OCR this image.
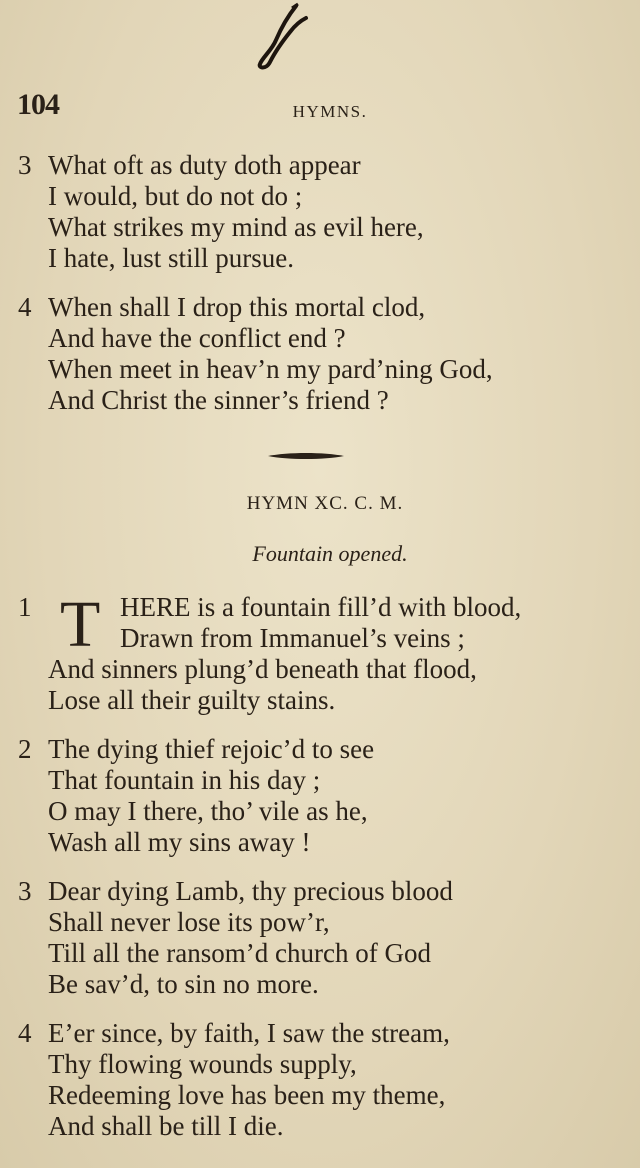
104	HYMNS.
3 What oft as duty doth appear
I would, but do not do ;
What strikes my mind as evil here,
I hate, lust still pursue.
4 When shall I drop this mortal clod,
And have the conflict end ?
When meet in heav’n my pard’ning God,
And Christ the sinner’s friend ?
HYMN XC. C. M.
Fountain opened.
1	HERE is a fountain fill’d with blood,

Drawn from Immanuel’s veins ;
And sinners plung’d beneath that flood,
Lose all their guilty stains.
T
2 The dying thief rejoic’d to see
That fountain in his day ;
O may I there, tho’ vile as he,
Wash all my sins away !
3 Dear dying Lamb, thy precious blood
Shall never lose its pow’r,
Till all the ransom’d church of God
Be sav’d, to sin no more.
4 E’er since, by faith, I saw the stream,
Thy flowing wounds supply,
Redeeming love has been my theme,
And shall be till I die.
